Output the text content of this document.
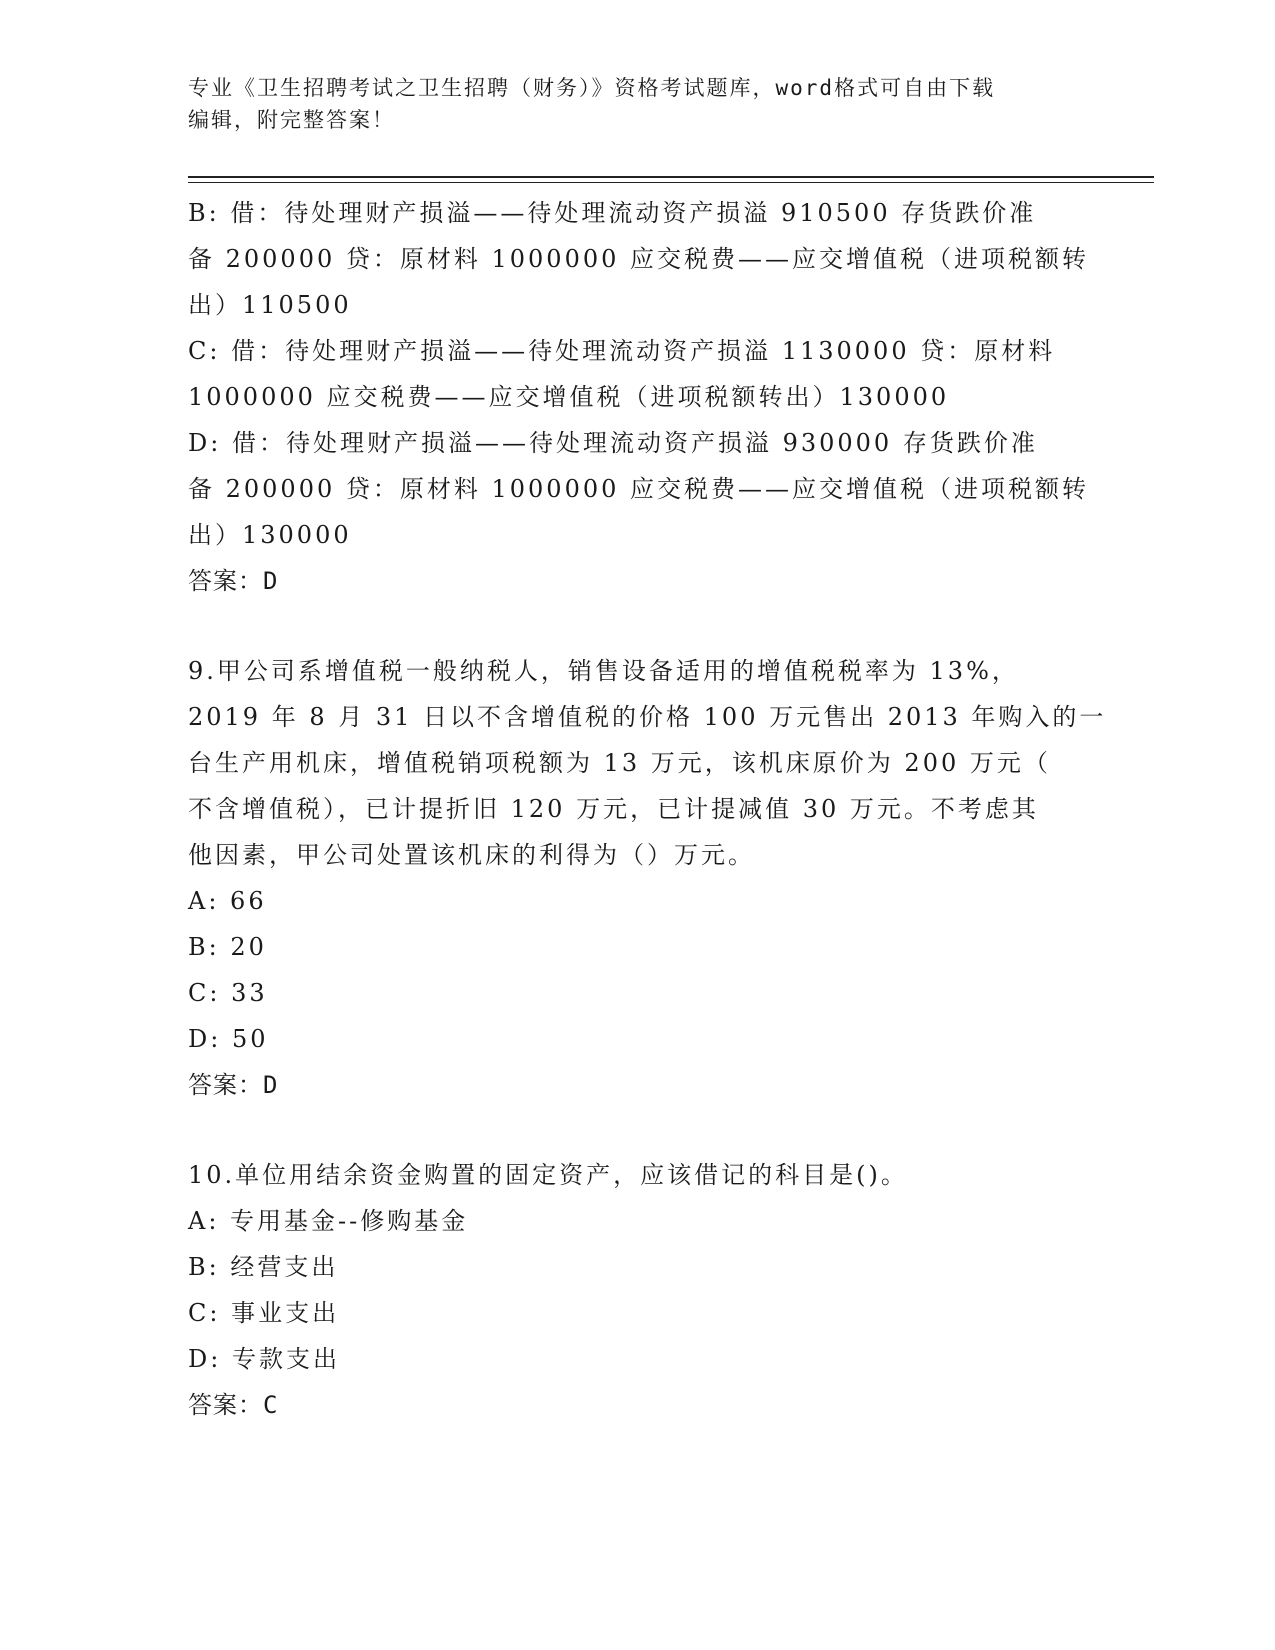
专业《卫生招聘考试之卫生招聘（财务）》资格考试题库，word格式可自由下载
编辑，附完整答案！
B: 借：待处理财产损溢——待处理流动资产损溢 910500 存货跌价准
备 200000 贷：原材料 1000000 应交税费——应交增值税（进项税额转
出）110500
C: 借：待处理财产损溢——待处理流动资产损溢 1130000 贷：原材料
1000000 应交税费——应交增值税（进项税额转出）130000
D: 借：待处理财产损溢——待处理流动资产损溢 930000 存货跌价准
备 200000 贷：原材料 1000000 应交税费——应交增值税（进项税额转
出）130000
答案：D
9.甲公司系增值税一般纳税人，销售设备适用的增值税税率为 13%，
2019 年 8 月 31 日以不含增值税的价格 100 万元售出 2013 年购入的一
台生产用机床，增值税销项税额为 13 万元，该机床原价为 200 万元（
不含增值税），已计提折旧 120 万元，已计提减值 30 万元。不考虑其
他因素，甲公司处置该机床的利得为（）万元。
A: 66
B: 20
C: 33
D: 50
答案：D
10.单位用结余资金购置的固定资产，应该借记的科目是()。
A: 专用基金--修购基金
B: 经营支出
C: 事业支出
D: 专款支出
答案：C
